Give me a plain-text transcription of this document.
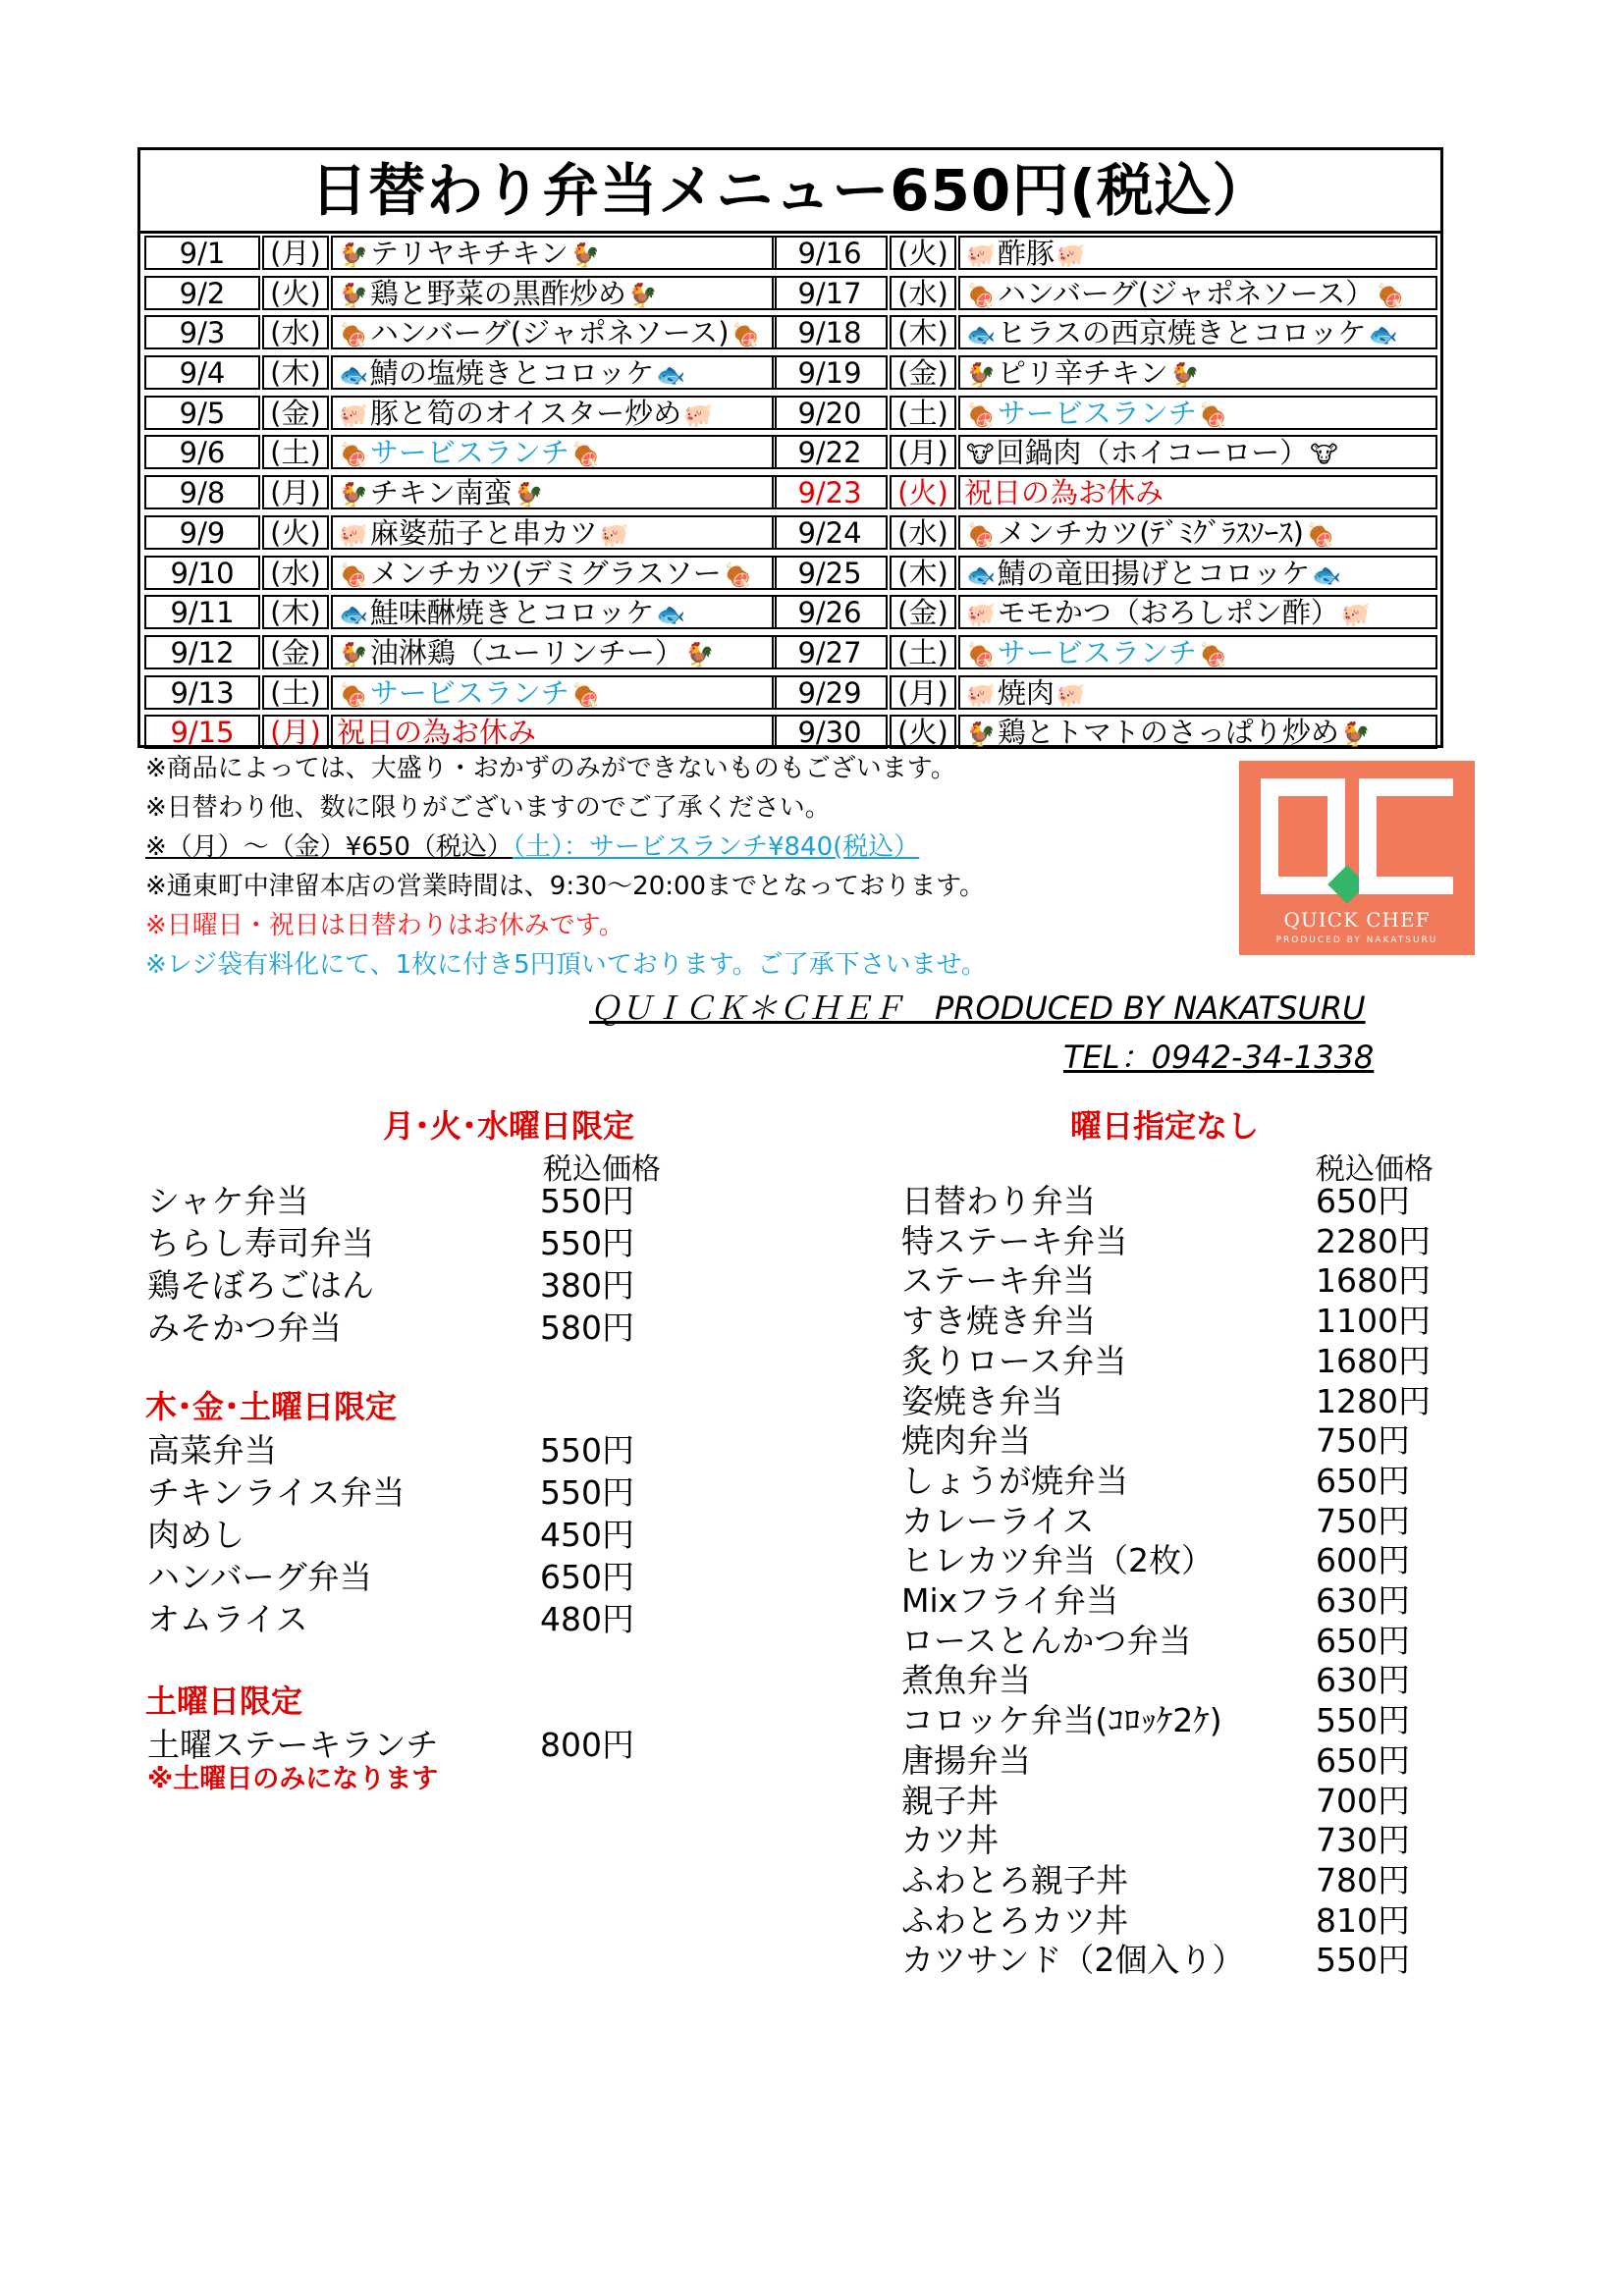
日替わり弁当メニュー650円(税込）
9/1	(月) 🐓テリヤキチキン🐓
9/2	(火) 🐓鶏と野菜の黒酢炒め🐓
9/3	(水) 🍖ハンバーグ(ジャポネソース)🍖
9/4	(木) 🐟鯖の塩焼きとコロッケ🐟
9/5	(金) 🐖豚と筍のオイスター炒め🐖
9/6	(土) 🍖サービスランチ🍖
9/8	(月) 🐓チキン南蛮🐓
9/9	(火) 🐖麻婆茄子と串カツ🐖
9/10	(水) 🍖メンチカツ(デミグラスソー🍖
9/11	(木) 🐟鮭味醂焼きとコロッケ🐟
9/12	(金) 🐓油淋鶏（ユーリンチー）🐓
9/13	(土) 🍖サービスランチ🍖
9/15	(月) 祝日の為お休み
9/16	(火) 🐖酢豚🐖
9/17	(水) 🍖ハンバーグ(ジャポネソース）🍖
9/18	(木) 🐟ヒラスの西京焼きとコロッケ🐟
9/19	(金) 🐓ピリ辛チキン🐓
9/20	(土) 🍖サービスランチ🍖
9/22	(月) 🐮回鍋肉（ホイコーロー）🐮
9/23	(火) 祝日の為お休み
9/24	(水) 🍖メンチカツ(ﾃﾞﾐｸﾞﾗｽｿｰｽ)🍖
9/25	(木) 🐟鯖の竜田揚げとコロッケ🐟
9/26	(金) 🐖モモかつ（おろしポン酢）🐖
9/27	(土) 🍖サービスランチ🍖
9/29	(月) 🐖焼肉🐖
9/30	(火) 🐓鶏とトマトのさっぱり炒め🐓
※商品によっては、大盛り・おかずのみができないものもございます。
※日替わり他、数に限りがございますのでご了承ください。
※（月）～（金）¥650（税込）（土）：サービスランチ¥840(税込）
※通東町中津留本店の営業時間は、9:30～20:00までとなっております。
※日曜日・祝日は日替わりはお休みです。
※レジ袋有料化にて、1枚に付き5円頂いております。ご了承下さいませ。
ＱＵＩＣＫ＊ＣＨＥＦ　PRODUCED BY NAKATSURU
TEL：0942-34-1338
QUICK CHEF
PRODUCED BY NAKATSURU
月･火･水曜日限定
税込価格
シャケ弁当	550円
ちらし寿司弁当	550円
鶏そぼろごはん	380円
みそかつ弁当	580円
木･金･土曜日限定
高菜弁当	550円
チキンライス弁当	550円
肉めし	450円
ハンバーグ弁当	650円
オムライス	480円
土曜日限定
土曜ステーキランチ	800円
※土曜日のみになります
曜日指定なし
税込価格
日替わり弁当	650円
特ステーキ弁当	2280円
ステーキ弁当	1680円
すき焼き弁当	1100円
炙りロース弁当	1680円
姿焼き弁当	1280円
焼肉弁当	750円
しょうが焼弁当	650円
カレーライス	750円
ヒレカツ弁当（2枚）	600円
Mixフライ弁当	630円
ロースとんかつ弁当	650円
煮魚弁当	630円
コロッケ弁当(ｺﾛｯｹ2ｹ)	550円
唐揚弁当	650円
親子丼	700円
カツ丼	730円
ふわとろ親子丼	780円
ふわとろカツ丼	810円
カツサンド（2個入り） 550円
